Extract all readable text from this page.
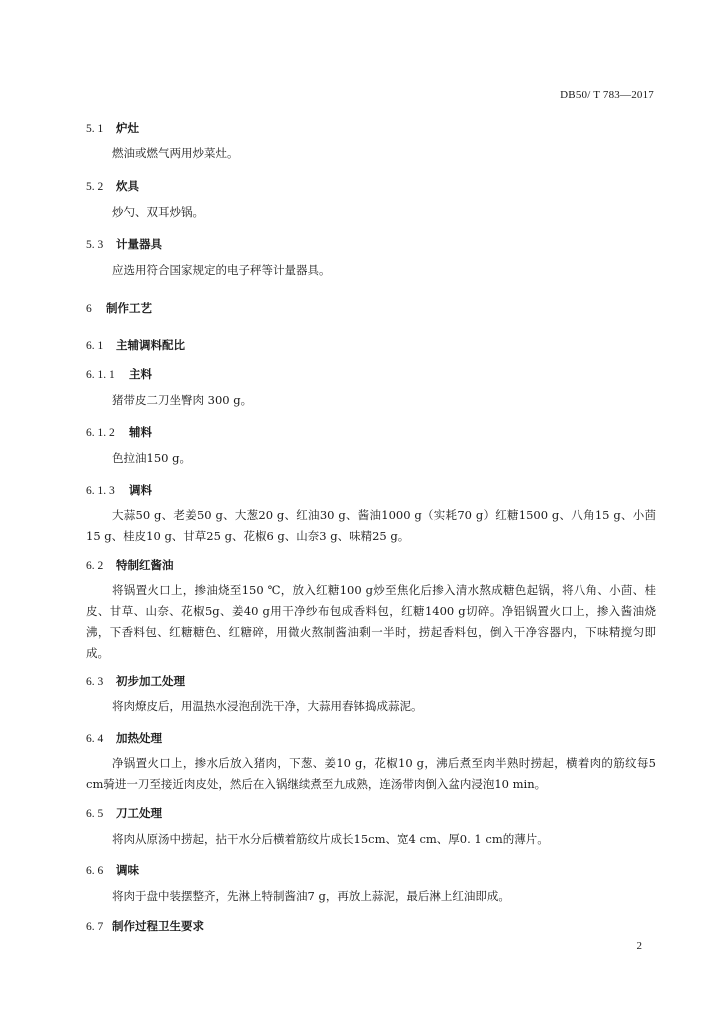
DB50/ T 783—2017
5. 1 炉灶
燃油或燃气两用炒菜灶。
5. 2 炊具
炒勺、双耳炒锅。
5. 3 计量器具
应选用符合国家规定的电子秤等计量器具。
6 制作工艺
6. 1 主辅调料配比
6. 1. 1 主料
猪带皮二刀坐臀肉 300 g。
6. 1. 2 辅料
色拉油150 g。
6. 1. 3 调料
大蒜50 g、老姜50 g、大葱20 g、红油30 g、酱油1000 g（实耗70 g）红糖1500 g、八角15 g、小茴15 g、桂皮10 g、甘草25 g、花椒6 g、山奈3 g、味精25 g。
6. 2 特制红酱油
将锅置火口上，掺油烧至150 ℃，放入红糖100 g炒至焦化后掺入清水熬成糖色起锅，将八角、小茴、桂皮、甘草、山奈、花椒5g、姜40 g用干净纱布包成香料包，红糖1400 g切碎。净铝锅置火口上，掺入酱油烧沸，下香料包、红糖糖色、红糖碎，用微火熬制酱油剩一半时，捞起香料包，倒入干净容器内，下味精搅匀即成。
6. 3 初步加工处理
将肉燎皮后，用温热水浸泡刮洗干净，大蒜用舂钵捣成蒜泥。
6. 4 加热处理
净锅置火口上，掺水后放入猪肉，下葱、姜10 g，花椒10 g，沸后煮至肉半熟时捞起，横着肉的筋纹每5 cm骑进一刀至接近肉皮处，然后在入锅继续煮至九成熟，连汤带肉倒入盆内浸泡10 min。
6. 5 刀工处理
将肉从原汤中捞起，拈干水分后横着筋纹片成长15cm、宽4 cm、厚0. 1 cm的薄片。
6. 6 调味
将肉于盘中装摆整齐，先淋上特制酱油7 g，再放上蒜泥，最后淋上红油即成。
6. 7 制作过程卫生要求
2
